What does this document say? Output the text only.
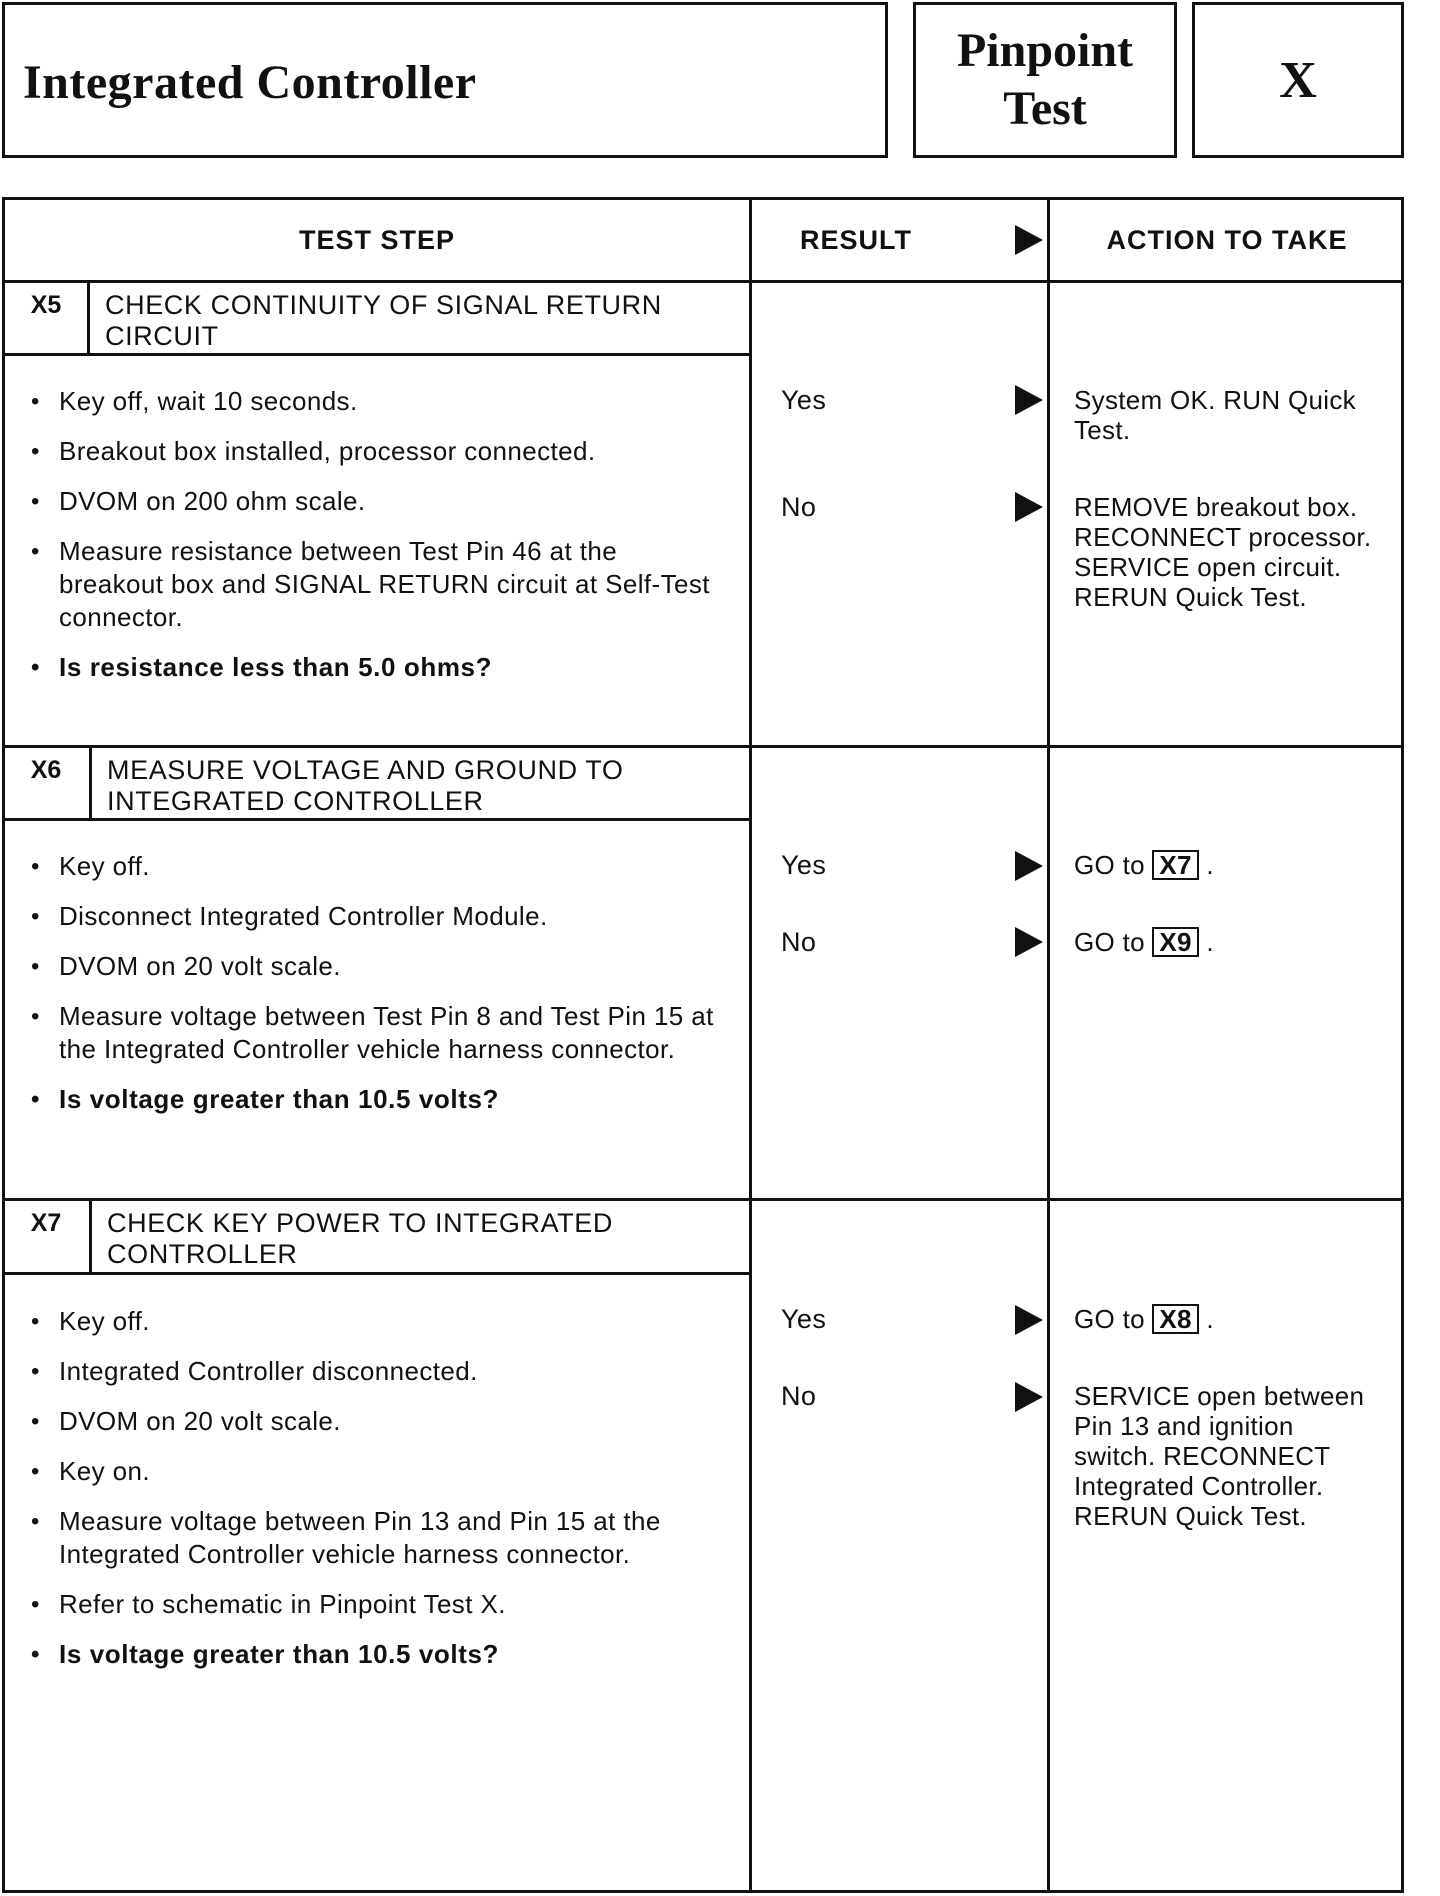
Integrated Controller
Pinpoint
Test	X
TEST STEP	RESULT	ACTION TO TAKE
X5	CHECK CONTINUITY OF SIGNAL RETURN CIRCUIT
• Key off, wait 10 seconds.
• Breakout box installed, processor connected.
• DVOM on 200 ohm scale.
• Measure resistance between Test Pin 46 at the breakout box and SIGNAL RETURN circuit at Self-Test connector.
• Is resistance less than 5.0 ohms?
Yes	System OK. RUN Quick Test.
No	REMOVE breakout box. RECONNECT processor. SERVICE open circuit. RERUN Quick Test.
X6	MEASURE VOLTAGE AND GROUND TO INTEGRATED CONTROLLER
• Key off.
• Disconnect Integrated Controller Module.
• DVOM on 20 volt scale.
• Measure voltage between Test Pin 8 and Test Pin 15 at the Integrated Controller vehicle harness connector.
• Is voltage greater than 10.5 volts?
Yes	GO to X7 .
No	GO to X9 .
X7	CHECK KEY POWER TO INTEGRATED CONTROLLER
• Key off.
• Integrated Controller disconnected.
• DVOM on 20 volt scale.
• Key on.
• Measure voltage between Pin 13 and Pin 15 at the Integrated Controller vehicle harness connector.
• Refer to schematic in Pinpoint Test X.
• Is voltage greater than 10.5 volts?
Yes	GO to X8 .
No	SERVICE open between Pin 13 and ignition switch. RECONNECT Integrated Controller. RERUN Quick Test.
